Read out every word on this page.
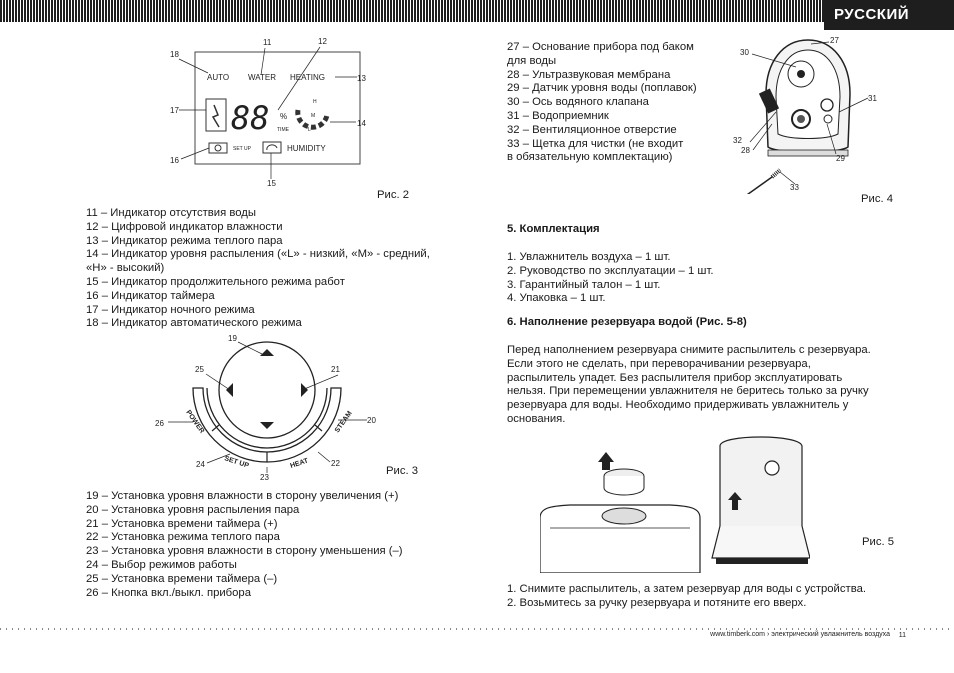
РУССКИЙ
AUTO WATER HEATING
88 %
TIME
H
M
L
SET UP	HUMIDITY
11	12
13
14
15
16
17
18
Рис. 2
11 – Индикатор отсутствия воды
12 – Цифровой индикатор влажности
13 – Индикатор режима теплого пара
14 – Индикатор уровня распыления («L» - низкий, «M» - средний,
«H» - высокий)
15 – Индикатор продолжительного режима работ
16 – Индикатор таймера
17 – Индикатор ночного режима
18 – Индикатор автоматического режима
POWER
SET UP	HEAT
STEAM
19
20
21
22
23
24
25
26
Рис. 3
19 – Установка уровня влажности в сторону увеличения (+)
20 – Установка уровня распыления пара
21 – Установка времени таймера (+)
22 – Установка режима теплого пара
23 – Установка уровня влажности в сторону уменьшения (–)
24 – Выбор режимов работы
25 – Установка времени таймера (–)
26 – Кнопка вкл./выкл. прибора
27 – Основание прибора под баком
для воды
28 – Ультразвуковая мембрана
29 – Датчик уровня воды (поплавок)
30 – Ось водяного клапана
31 – Водоприемник
32 – Вентиляционное отверстие
33 – Щетка для чистки (не входит
в обязательную комплектацию)
27
28
29
30
31
32
33
Рис. 4
5. Комплектация
1. Увлажнитель воздуха – 1 шт.
2. Руководство по эксплуатации – 1 шт.
3. Гарантийный талон – 1 шт.
4. Упаковка – 1 шт.
6. Наполнение резервуара водой (Рис. 5-8)
Перед наполнением резервуара снимите распылитель с резервуара.
Если этого не сделать, при переворачивании резервуара,
распылитель упадет. Без распылителя прибор эксплуатировать
нельзя. При перемещении увлажнителя не беритесь только за ручку
резервуара для воды. Необходимо придерживать увлажнитель у
основания.
Рис. 5
1. Снимите распылитель, а затем резервуар для воды с устройства.
2. Возьмитесь за ручку резервуара и потяните его вверх.
www.timberk.com › электрический увлажнитель воздуха 11
